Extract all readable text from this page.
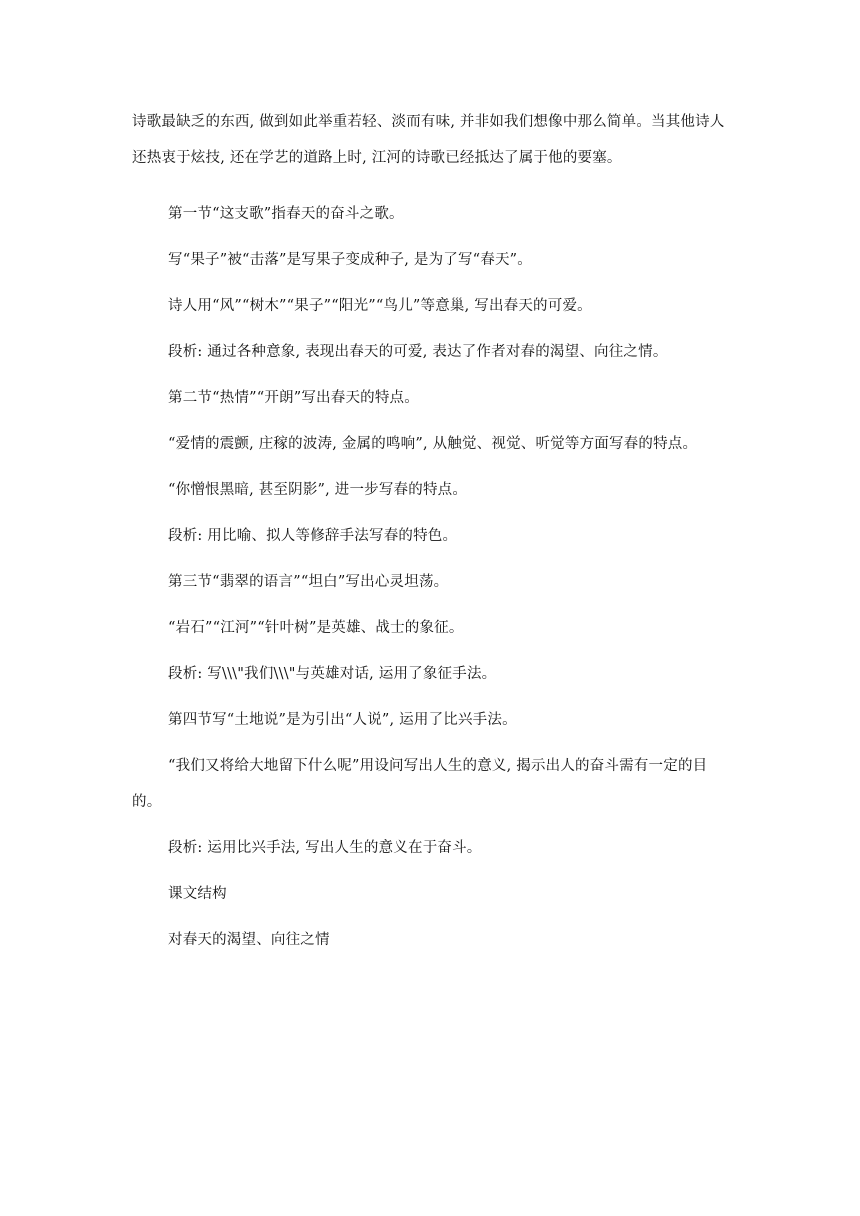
诗歌最缺乏的东西, 做到如此举重若轻、淡而有味, 并非如我们想像中那么简单。当其他诗人还热衷于炫技, 还在学艺的道路上时, 江河的诗歌已经抵达了属于他的要塞。

第一节“这支歌”指春天的奋斗之歌。

写“果子”被“击落”是写果子变成种子, 是为了写“春天”。

诗人用“风”“树木”“果子”“阳光”“鸟儿”等意巢, 写出春天的可爱。

段析: 通过各种意象, 表现出春天的可爱, 表达了作者对春的渴望、向往之情。

第二节“热情”“开朗”写出春天的特点。

“爱情的震颤, 庄稼的波涛, 金属的鸣响”, 从触觉、视觉、听觉等方面写春的特点。

“你憎恨黑暗, 甚至阴影”, 进一步写春的特点。

段析: 用比喻、拟人等修辞手法写春的特色。

第三节“翡翠的语言”“坦白”写出心灵坦荡。

“岩石”“江河”“针叶树”是英雄、战士的象征。

段析: 写\\\"我们\\\"与英雄对话, 运用了象征手法。

第四节写“土地说”是为引出“人说”, 运用了比兴手法。

“我们又将给大地留下什么呢”用设问写出人生的意义, 揭示出人的奋斗需有一定的目的。

段析: 运用比兴手法, 写出人生的意义在于奋斗。

课文结构

对春天的渴望、向往之情
